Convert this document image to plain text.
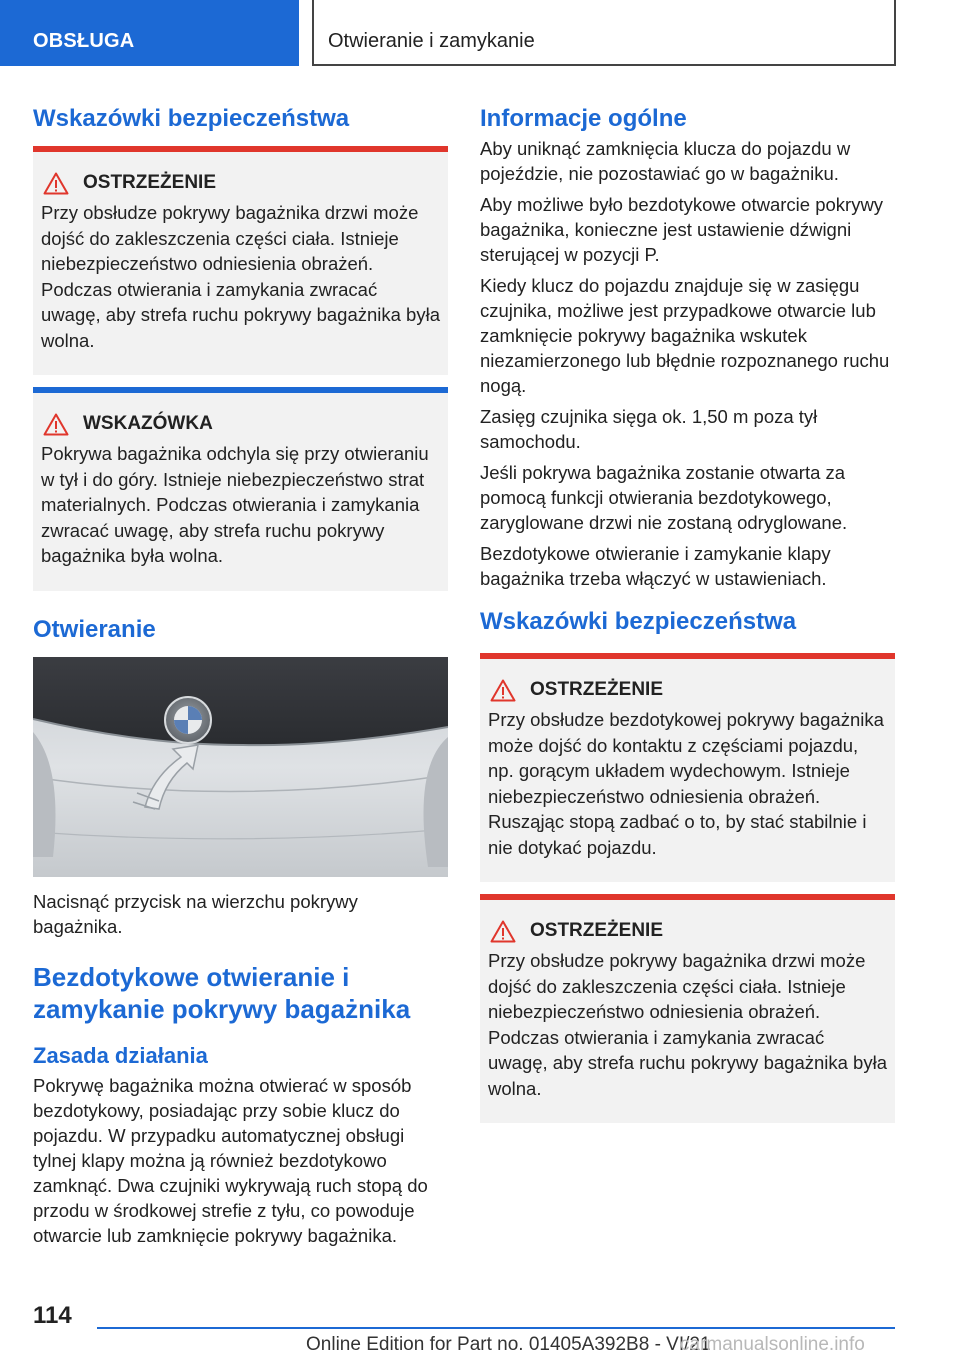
OBSŁUGA	Otwieranie i zamykanie
Wskazówki bezpieczeństwa
OSTRZEŻENIE

Przy obsłudze pokrywy bagażnika drzwi może dojść do zakleszczenia części ciała. Istnieje niebezpieczeństwo odniesienia obrażeń. Podczas otwierania i zamykania zwracać uwagę, aby strefa ruchu pokrywy bagażnika była wolna.

WSKAZÓWKA

Pokrywa bagażnika odchyla się przy otwieraniu w tył i do góry. Istnieje niebezpieczeństwo strat materialnych. Podczas otwierania i zamykania zwracać uwagę, aby strefa ruchu pokrywy bagażnika była wolna.

Otwieranie

Nacisnąć przycisk na wierzchu pokrywy bagażnika.

Bezdotykowe otwieranie i zamykanie pokrywy bagażnika
Zasada działania

Pokrywę bagażnika można otwierać w sposób bezdotykowy, posiadając przy sobie klucz do pojazdu. W przypadku automatycznej obsługi tylnej klapy można ją również bezdotykowo zamknąć. Dwa czujniki wykrywają ruch stopą do przodu w środkowej strefie z tyłu, co powoduje otwarcie lub zamknięcie pokrywy bagażnika.

Informacje ogólne

Aby uniknąć zamknięcia klucza do pojazdu w pojeździe, nie pozostawiać go w bagażniku.

Aby możliwe było bezdotykowe otwarcie pokrywy bagażnika, konieczne jest ustawienie dźwigni sterującej w pozycji P.

Kiedy klucz do pojazdu znajduje się w zasięgu czujnika, możliwe jest przypadkowe otwarcie lub zamknięcie pokrywy bagażnika wskutek niezamierzonego lub błędnie rozpoznanego ruchu nogą.

Zasięg czujnika sięga ok. 1,50 m poza tył samochodu.

Jeśli pokrywa bagażnika zostanie otwarta za pomocą funkcji otwierania bezdotykowego, zaryglowane drzwi nie zostaną odryglowane.

Bezdotykowe otwieranie i zamykanie klapy bagażnika trzeba włączyć w ustawieniach.

Wskazówki bezpieczeństwa
OSTRZEŻENIE

Przy obsłudze bezdotykowej pokrywy bagażnika może dojść do kontaktu z częściami pojazdu, np. gorącym układem wydechowym. Istnieje niebezpieczeństwo odniesienia obrażeń. Rusząjąc stopą zadbać o to, by stać stabilnie i nie dotykać pojazdu.

OSTRZEŻENIE

Przy obsłudze pokrywy bagażnika drzwi może dojść do zakleszczenia części ciała. Istnieje niebezpieczeństwo odniesienia obrażeń. Podczas otwierania i zamykania zwracać uwagę, aby strefa ruchu pokrywy bagażnika była wolna.

114
Online Edition for Part no. 01405A392B8 - VI/21
carmanualsonline.info
